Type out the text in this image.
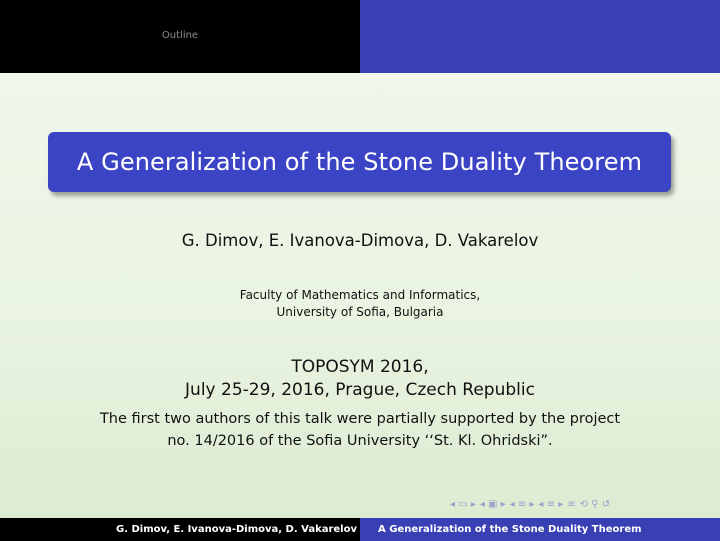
Outline
A Generalization of the Stone Duality Theorem
G. Dimov, E. Ivanova-Dimova, D. Vakarelov
Faculty of Mathematics and Informatics,
University of Sofia, Bulgaria
TOPOSYM 2016,
July 25-29, 2016, Prague, Czech Republic
The first two authors of this talk were partially supported by the project
no. 14/2016 of the Sofia University ‘‘St. Kl. Ohridski”.
◂ ▭ ▸ ◂ ▣ ▸ ◂ ≡ ▸ ◂ ≡ ▸ ≡ ⟲ ⚲ ↺
G. Dimov, E. Ivanova-Dimova, D. Vakarelov	A Generalization of the Stone Duality Theorem
